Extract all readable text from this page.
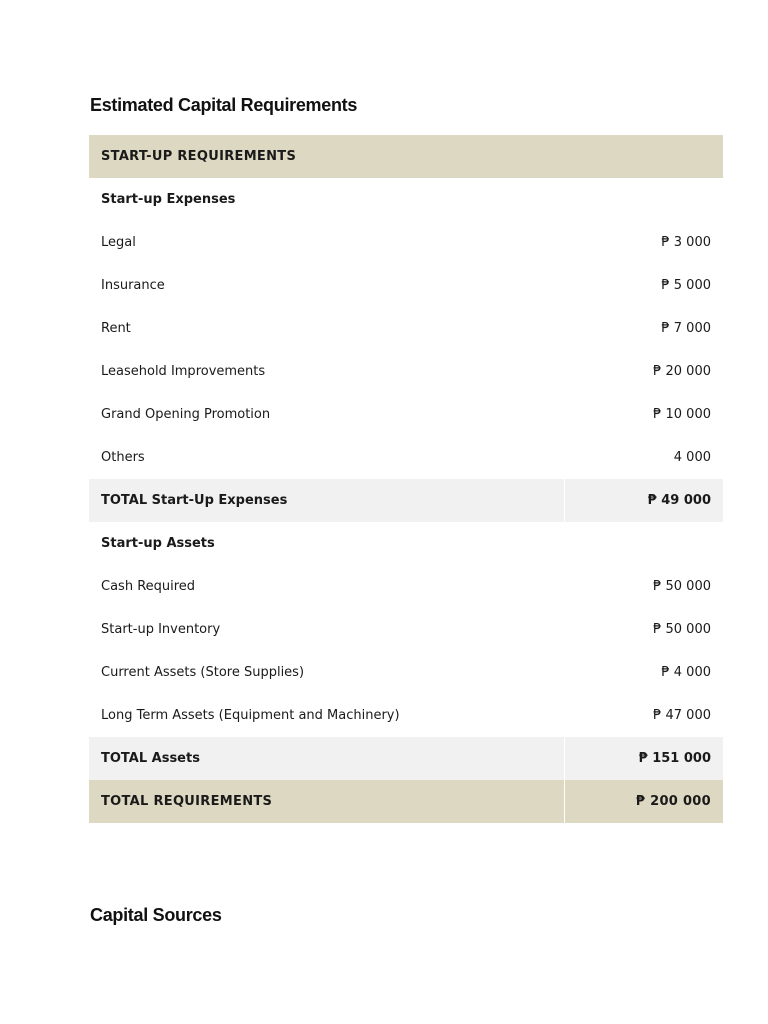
Estimated Capital Requirements
START-UP REQUIREMENTS	
Start-up Expenses	
Legal	₱ 3 000
Insurance	₱ 5 000
Rent	₱ 7 000
Leasehold Improvements	₱ 20 000
Grand Opening Promotion	₱ 10 000
Others	4 000
TOTAL Start-Up Expenses	₱ 49 000
Start-up Assets	
Cash Required	₱ 50 000
Start-up Inventory	₱ 50 000
Current Assets (Store Supplies)	₱ 4 000
Long Term Assets (Equipment and Machinery)	₱ 47 000
TOTAL Assets	₱ 151 000
TOTAL REQUIREMENTS	₱ 200 000
Capital Sources
